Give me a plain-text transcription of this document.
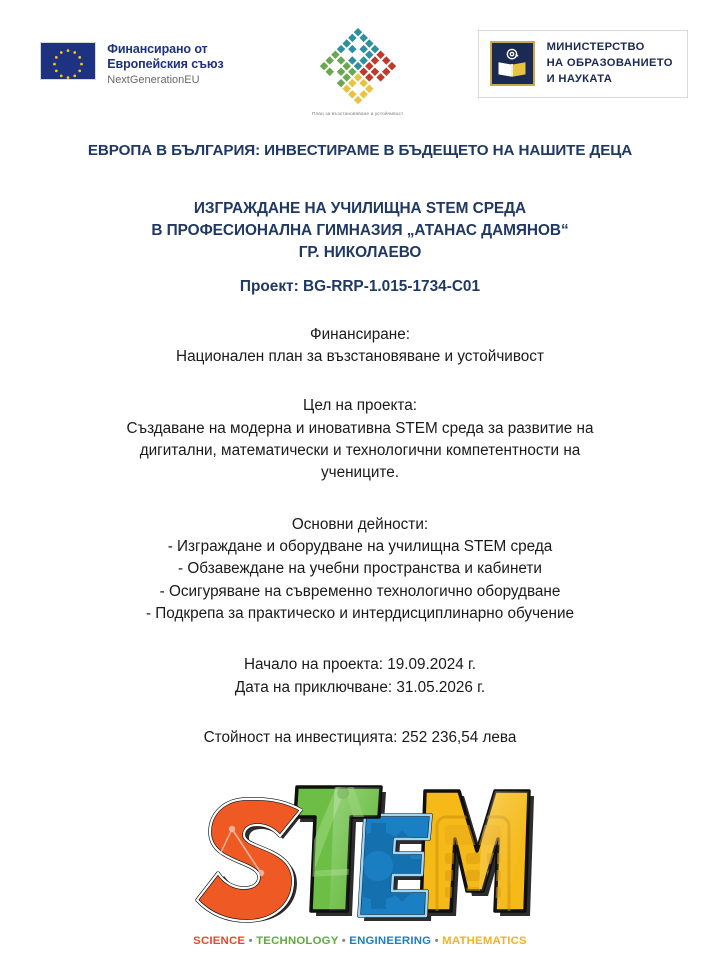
Финансирано от
Европейския съюз
NextGenerationEU
План за възстановяване и устойчивост
МИНИСТЕРСТВО
НА ОБРАЗОВАНИЕТО
И НАУКАТА
ЕВРОПА В БЪЛГАРИЯ: ИНВЕСТИРАМЕ В БЪДЕЩЕТО НА НАШИТЕ ДЕЦА
ИЗГРАЖДАНЕ НА УЧИЛИЩНА STEM СРЕДА
В ПРОФЕСИОНАЛНА ГИМНАЗИЯ „АТАНАС ДАМЯНОВ“
ГР. НИКОЛАЕВО
Проект: BG-RRP-1.015-1734-C01
Финансиране:
Национален план за възстановяване и устойчивост
Цел на проекта:
Създаване на модерна и иновативна STEM среда за развитие на
дигитални, математически и технологични компетентности на
учениците.
Основни дейности:
- Изграждане и оборудване на училищна STEM среда
- Обзавеждане на учебни пространства и кабинети
- Осигуряване на съвременно технологично оборудване
- Подкрепа за практическо и интердисциплинарно обучение
Начало на проекта: 19.09.2024 г.
Дата на приключване: 31.05.2026 г.
Стойност на инвестицията: 252 236,54 лева
SCIENCE • TECHNOLOGY • ENGINEERING • MATHEMATICS
